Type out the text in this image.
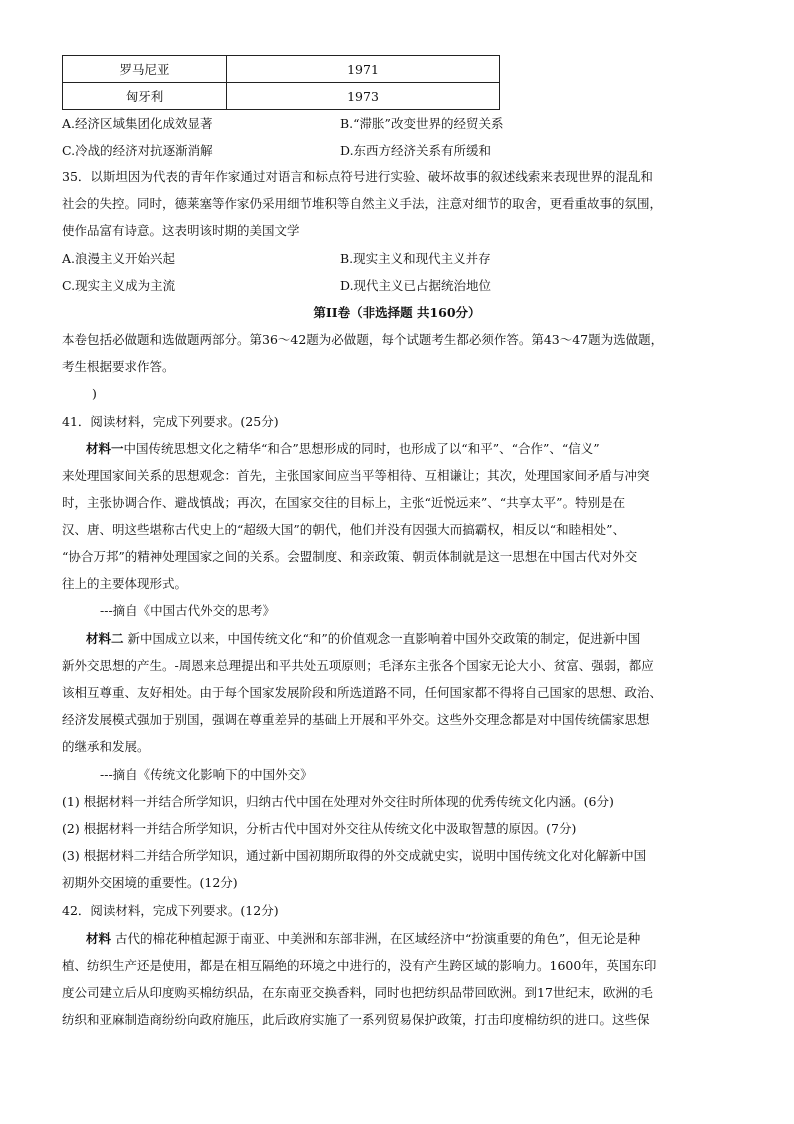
罗马尼亚	1971
匈牙利	1973
A.经济区域集团化成效显著	B.“滞胀”改变世界的经贸关系
C.冷战的经济对抗逐渐消解	D.东西方经济关系有所缓和
35．以斯坦因为代表的青年作家通过对语言和标点符号进行实验、破坏故事的叙述线索来表现世界的混乱和
社会的失控。同时，德莱塞等作家仍采用细节堆积等自然主义手法，注意对细节的取舍，更看重故事的氛围，
使作品富有诗意。这表明该时期的美国文学
A.浪漫主义开始兴起	B.现实主义和现代主义并存
C.现实主义成为主流	D.现代主义已占据统治地位
第II卷（非选择题 共160分）
本卷包括必做题和选做题两部分。第36～42题为必做题，每个试题考生都必须作答。第43～47题为选做题，
考生根据要求作答。
)
41．阅读材料，完成下列要求。(25分)
材料一中国传统思想文化之精华“和合”思想形成的同时，也形成了以“和平”、“合作”、“信义”
来处理国家间关系的思想观念：首先，主张国家间应当平等相待、互相谦让；其次，处理国家间矛盾与冲突
时，主张协调合作、避战慎战；再次，在国家交往的目标上，主张“近悦远来”、“共享太平”。特别是在
汉、唐、明这些堪称古代史上的“超级大国”的朝代，他们并没有因强大而搞霸权，相反以“和睦相处”、
“协合万邦”的精神处理国家之间的关系。会盟制度、和亲政策、朝贡体制就是这一思想在中国古代对外交
往上的主要体现形式。
---摘自《中国古代外交的思考》
材料二 新中国成立以来，中国传统文化“和”的价值观念一直影响着中国外交政策的制定，促进新中国
新外交思想的产生。-周恩来总理提出和平共处五项原则；毛泽东主张各个国家无论大小、贫富、强弱，都应
该相互尊重、友好相处。由于每个国家发展阶段和所选道路不同，任何国家都不得将自己国家的思想、政治、
经济发展模式强加于别国，强调在尊重差异的基础上开展和平外交。这些外交理念都是对中国传统儒家思想
的继承和发展。
---摘自《传统文化影响下的中国外交》
(1) 根据材料一并结合所学知识，归纳古代中国在处理对外交往时所体现的优秀传统文化内涵。(6分)
(2) 根据材料一并结合所学知识，分析古代中国对外交往从传统文化中汲取智慧的原因。(7分)
(3) 根据材料二并结合所学知识，通过新中国初期所取得的外交成就史实，说明中国传统文化对化解新中国
初期外交困境的重要性。(12分)
42．阅读材料，完成下列要求。(12分)
材料 古代的棉花种植起源于南亚、中美洲和东部非洲，在区域经济中“扮演重要的角色”，但无论是种
植、纺织生产还是使用，都是在相互隔绝的环境之中进行的，没有产生跨区域的影响力。1600年，英国东印
度公司建立后从印度购买棉纺织品，在东南亚交换香料，同时也把纺织品带回欧洲。到17世纪末，欧洲的毛
纺织和亚麻制造商纷纷向政府施压，此后政府实施了一系列贸易保护政策，打击印度棉纺织的进口。这些保
